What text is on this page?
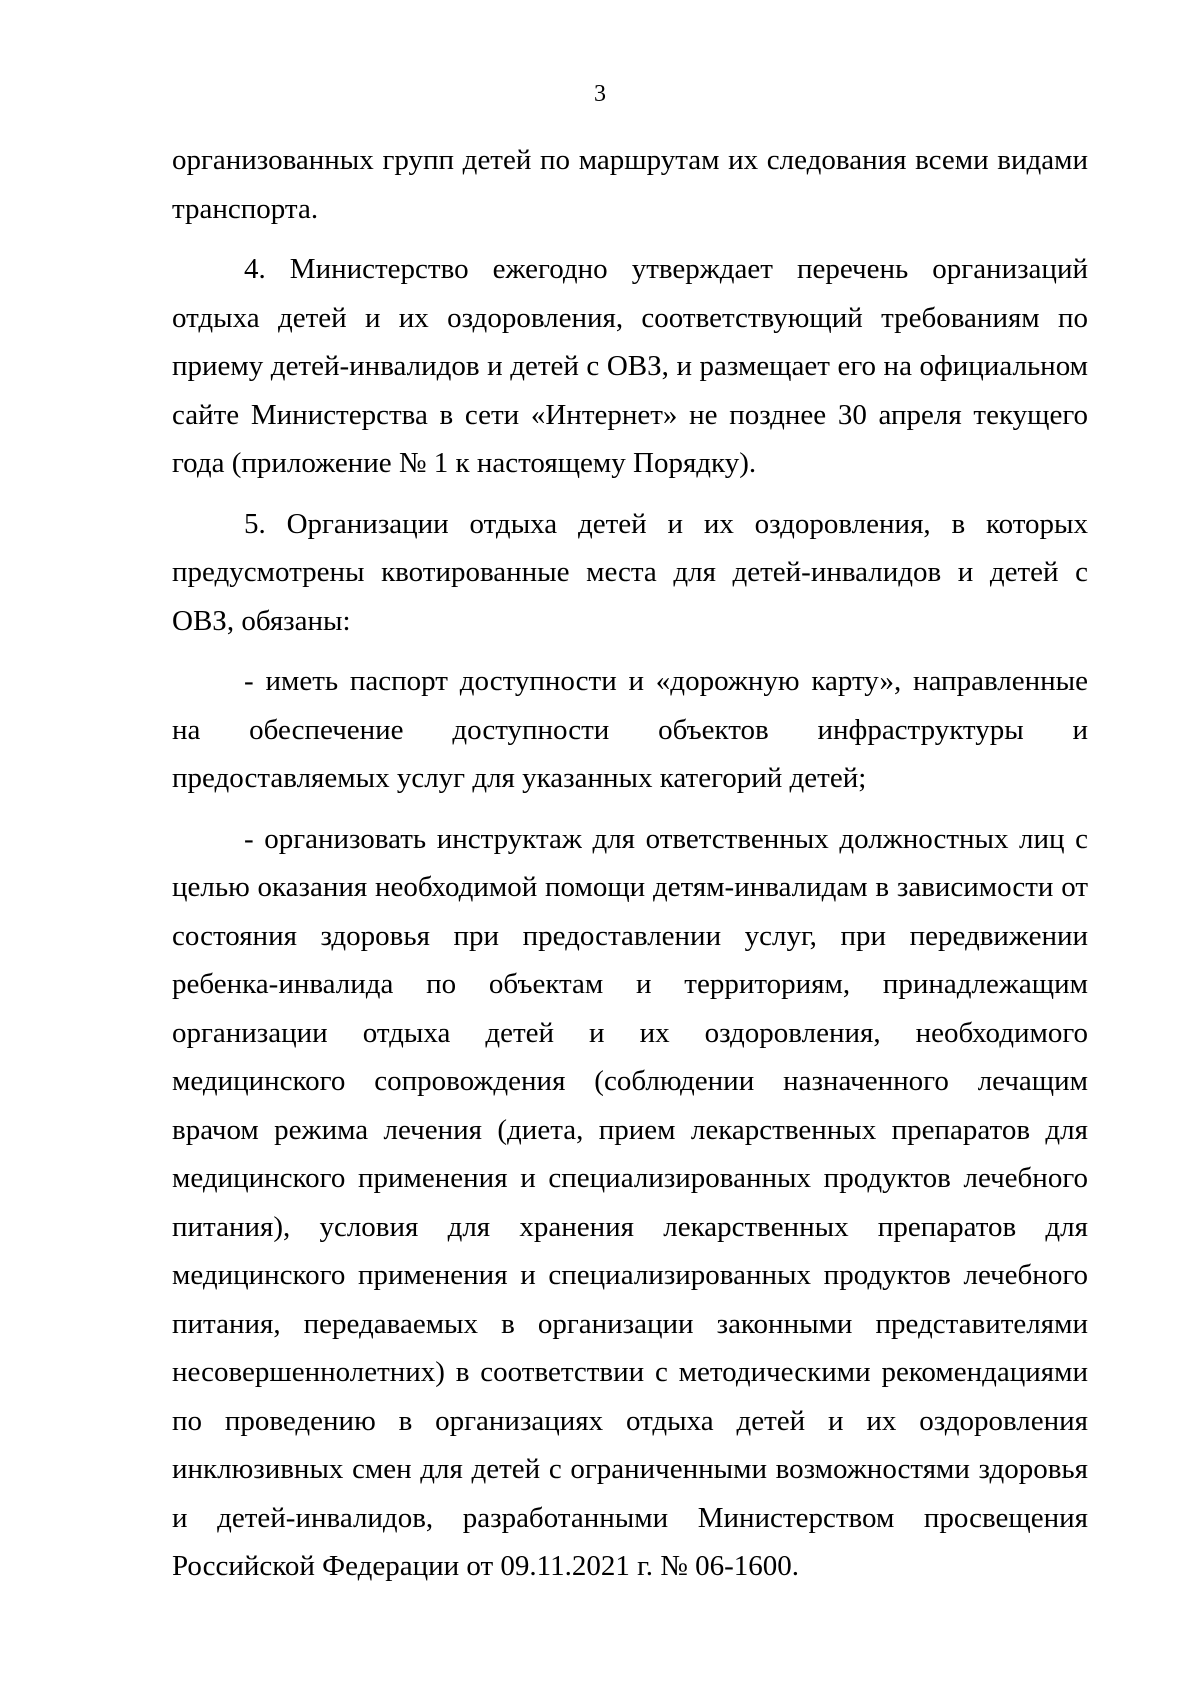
3

организованных групп детей по маршрутам их следования всеми видами транспорта.

4. Министерство ежегодно утверждает перечень организаций отдыха детей и их оздоровления, соответствующий требованиям по приему детей-инвалидов и детей с ОВЗ, и размещает его на официальном сайте Министерства в сети «Интернет» не позднее 30 апреля текущего года (приложение № 1 к настоящему Порядку).

5. Организации отдыха детей и их оздоровления, в которых предусмотрены квотированные места для детей-инвалидов и детей с ОВЗ, обязаны:

- иметь паспорт доступности и «дорожную карту», направленные на обеспечение доступности объектов инфраструктуры и предоставляемых услуг для указанных категорий детей;

- организовать инструктаж для ответственных должностных лиц с целью оказания необходимой помощи детям-инвалидам в зависимости от состояния здоровья при предоставлении услуг, при передвижении ребенка-инвалида по объектам и территориям, принадлежащим организации отдыха детей и их оздоровления, необходимого медицинского сопровождения (соблюдении назначенного лечащим врачом режима лечения (диета, прием лекарственных препаратов для медицинского применения и специализированных продуктов лечебного питания), условия для хранения лекарственных препаратов для медицинского применения и специализированных продуктов лечебного питания, передаваемых в организации законными представителями несовершеннолетних) в соответствии с методическими рекомендациями по проведению в организациях отдыха детей и их оздоровления инклюзивных смен для детей с ограниченными возможностями здоровья и детей-инвалидов, разработанными Министерством просвещения Российской Федерации от 09.11.2021 г. № 06-1600.
